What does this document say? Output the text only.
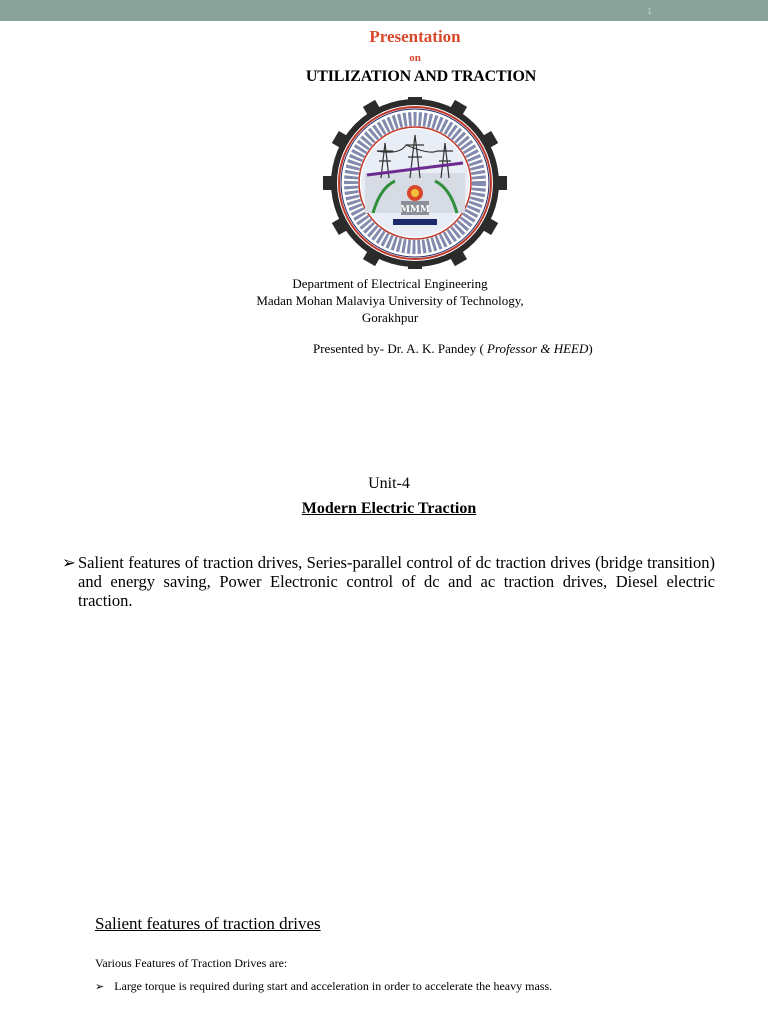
1
Presentation
on
UTILIZATION AND TRACTION
MMM
Department of Electrical Engineering
Madan Mohan Malaviya University of Technology,
Gorakhpur
Presented by- Dr. A. K. Pandey ( Professor & HEED)
Unit-4
Modern Electric Traction
➢ Salient features of traction drives, Series-parallel control of dc traction drives (bridge transition) and energy saving, Power Electronic control of dc and ac traction drives, Diesel electric traction.
Salient features of traction drives
Various Features of Traction Drives are:
➢ Large torque is required during start and acceleration in order to accelerate the heavy mass.
